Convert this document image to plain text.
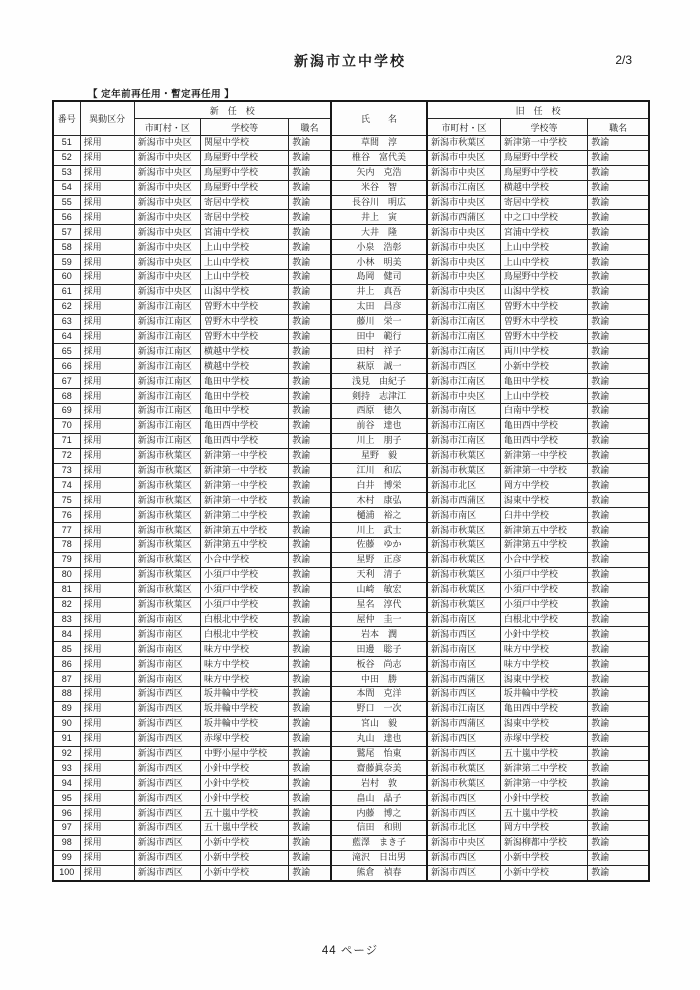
新潟市立中学校	2/3
【 定年前再任用・暫定再任用 】
番号	異動区分	新　任　校			氏　　名	旧　任　校		
		市町村・区	学校等	職名		市町村・区	学校等	職名
51	採用	新潟市中央区	関屋中学校	教諭	草間　淳	新潟市秋葉区	新津第一中学校	教諭
52	採用	新潟市中央区	鳥屋野中学校	教諭	椎谷　富代美	新潟市中央区	鳥屋野中学校	教諭
53	採用	新潟市中央区	鳥屋野中学校	教諭	矢内　克浩	新潟市中央区	鳥屋野中学校	教諭
54	採用	新潟市中央区	鳥屋野中学校	教諭	米谷　智	新潟市江南区	横越中学校	教諭
55	採用	新潟市中央区	寄居中学校	教諭	長谷川　明広	新潟市中央区	寄居中学校	教諭
56	採用	新潟市中央区	寄居中学校	教諭	井上　寅	新潟市西蒲区	中之口中学校	教諭
57	採用	新潟市中央区	宮浦中学校	教諭	大井　隆	新潟市中央区	宮浦中学校	教諭
58	採用	新潟市中央区	上山中学校	教諭	小泉　浩彰	新潟市中央区	上山中学校	教諭
59	採用	新潟市中央区	上山中学校	教諭	小林　明美	新潟市中央区	上山中学校	教諭
60	採用	新潟市中央区	上山中学校	教諭	島岡　健司	新潟市中央区	鳥屋野中学校	教諭
61	採用	新潟市中央区	山潟中学校	教諭	井上　真吾	新潟市中央区	山潟中学校	教諭
62	採用	新潟市江南区	曽野木中学校	教諭	太田　昌彦	新潟市江南区	曽野木中学校	教諭
63	採用	新潟市江南区	曽野木中学校	教諭	藤川　栄一	新潟市江南区	曽野木中学校	教諭
64	採用	新潟市江南区	曽野木中学校	教諭	田中　範行	新潟市江南区	曽野木中学校	教諭
65	採用	新潟市江南区	横越中学校	教諭	田村　祥子	新潟市江南区	両川中学校	教諭
66	採用	新潟市江南区	横越中学校	教諭	萩原　誠一	新潟市西区	小新中学校	教諭
67	採用	新潟市江南区	亀田中学校	教諭	浅見　由紀子	新潟市江南区	亀田中学校	教諭
68	採用	新潟市江南区	亀田中学校	教諭	剣持　志津江	新潟市中央区	上山中学校	教諭
69	採用	新潟市江南区	亀田中学校	教諭	西原　徳久	新潟市南区	白南中学校	教諭
70	採用	新潟市江南区	亀田西中学校	教諭	前谷　達也	新潟市江南区	亀田西中学校	教諭
71	採用	新潟市江南区	亀田西中学校	教諭	川上　朋子	新潟市江南区	亀田西中学校	教諭
72	採用	新潟市秋葉区	新津第一中学校	教諭	星野　毅	新潟市秋葉区	新津第一中学校	教諭
73	採用	新潟市秋葉区	新津第一中学校	教諭	江川　和広	新潟市秋葉区	新津第一中学校	教諭
74	採用	新潟市秋葉区	新津第一中学校	教諭	白井　博栄	新潟市北区	岡方中学校	教諭
75	採用	新潟市秋葉区	新津第一中学校	教諭	木村　康弘	新潟市西蒲区	潟東中学校	教諭
76	採用	新潟市秋葉区	新津第二中学校	教諭	樋浦　裕之	新潟市南区	臼井中学校	教諭
77	採用	新潟市秋葉区	新津第五中学校	教諭	川上　武士	新潟市秋葉区	新津第五中学校	教諭
78	採用	新潟市秋葉区	新津第五中学校	教諭	佐藤　ゆか	新潟市秋葉区	新津第五中学校	教諭
79	採用	新潟市秋葉区	小合中学校	教諭	星野　正彦	新潟市秋葉区	小合中学校	教諭
80	採用	新潟市秋葉区	小須戸中学校	教諭	天利　清子	新潟市秋葉区	小須戸中学校	教諭
81	採用	新潟市秋葉区	小須戸中学校	教諭	山崎　敏宏	新潟市秋葉区	小須戸中学校	教諭
82	採用	新潟市秋葉区	小須戸中学校	教諭	星名　淳代	新潟市秋葉区	小須戸中学校	教諭
83	採用	新潟市南区	白根北中学校	教諭	屋仲　圭一	新潟市南区	白根北中学校	教諭
84	採用	新潟市南区	白根北中学校	教諭	岩本　潤	新潟市西区	小針中学校	教諭
85	採用	新潟市南区	味方中学校	教諭	田邊　聡子	新潟市南区	味方中学校	教諭
86	採用	新潟市南区	味方中学校	教諭	板谷　尚志	新潟市南区	味方中学校	教諭
87	採用	新潟市南区	味方中学校	教諭	中田　勝	新潟市西蒲区	潟東中学校	教諭
88	採用	新潟市西区	坂井輪中学校	教諭	本間　克洋	新潟市西区	坂井輪中学校	教諭
89	採用	新潟市西区	坂井輪中学校	教諭	野口　一次	新潟市江南区	亀田西中学校	教諭
90	採用	新潟市西区	坂井輪中学校	教諭	宮山　毅	新潟市西蒲区	潟東中学校	教諭
91	採用	新潟市西区	赤塚中学校	教諭	丸山　達也	新潟市西区	赤塚中学校	教諭
92	採用	新潟市西区	中野小屋中学校	教諭	鷲尾　怡東	新潟市西区	五十嵐中学校	教諭
93	採用	新潟市西区	小針中学校	教諭	齋藤眞奈美	新潟市秋葉区	新津第二中学校	教諭
94	採用	新潟市西区	小針中学校	教諭	岩村　敦	新潟市秋葉区	新津第一中学校	教諭
95	採用	新潟市西区	小針中学校	教諭	畠山　晶子	新潟市西区	小針中学校	教諭
96	採用	新潟市西区	五十嵐中学校	教諭	内藤　博之	新潟市西区	五十嵐中学校	教諭
97	採用	新潟市西区	五十嵐中学校	教諭	信田　和則	新潟市北区	岡方中学校	教諭
98	採用	新潟市西区	小新中学校	教諭	藍澤　まき子	新潟市中央区	新潟柳都中学校	教諭
99	採用	新潟市西区	小新中学校	教諭	滝沢　日出男	新潟市西区	小新中学校	教諭
100	採用	新潟市西区	小新中学校	教諭	熊倉　禎春	新潟市西区	小新中学校	教諭
44 ページ
